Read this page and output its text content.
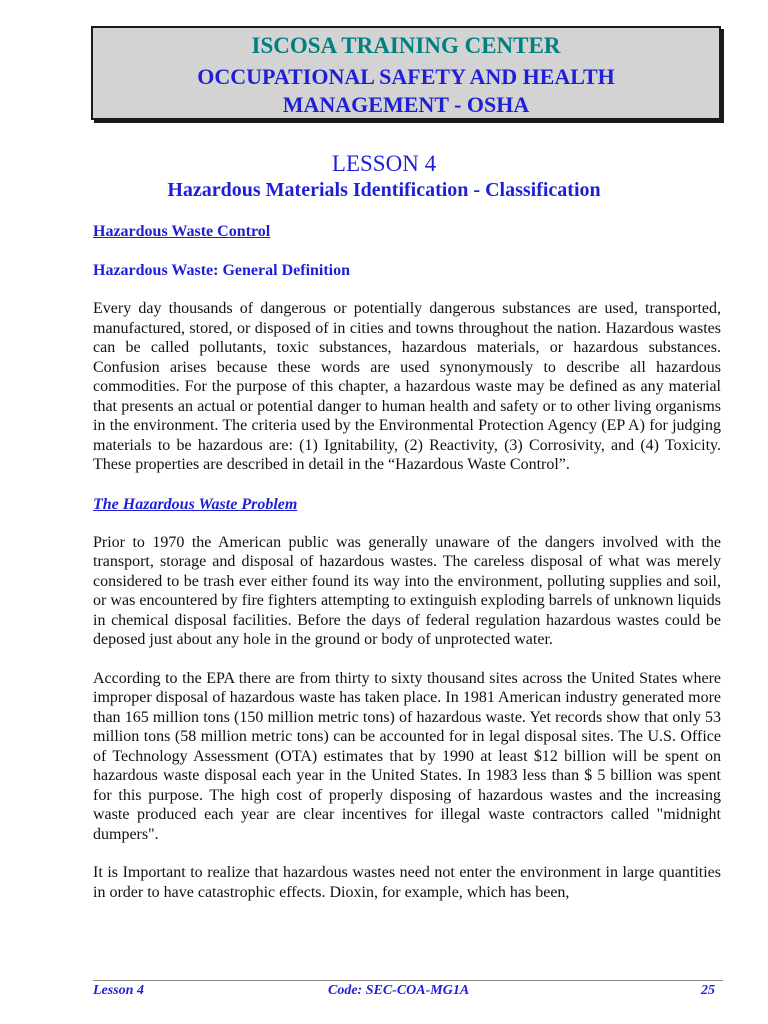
ISCOSA TRAINING CENTER
OCCUPATIONAL SAFETY AND HEALTH
MANAGEMENT - OSHA
LESSON 4
Hazardous Materials Identification - Classification
Hazardous Waste Control
Hazardous Waste: General Definition

Every day thousands of dangerous or potentially dangerous substances are used, transported, manufactured, stored, or disposed of in cities and towns throughout the nation. Hazardous wastes can be called pollutants, toxic substances, hazardous materials, or hazardous substances. Confusion arises because these words are used synonymously to describe all hazardous commodities. For the purpose of this chapter, a hazardous waste may be defined as any material that presents an actual or potential danger to human health and safety or to other living organisms in the environment. The criteria used by the Environmental Protection Agency (EP A) for judging materials to be hazardous are: (1) Ignitability, (2) Reactivity, (3) Corrosivity, and (4) Toxicity. These properties are described in detail in the “Hazardous Waste Control”.

The Hazardous Waste Problem

Prior to 1970 the American public was generally unaware of the dangers involved with the transport, storage and disposal of hazardous wastes. The careless disposal of what was merely considered to be trash ever either found its way into the environment, polluting supplies and soil, or was encountered by fire fighters attempting to extinguish exploding barrels of unknown liquids in chemical disposal facilities. Before the days of federal regulation hazardous wastes could be deposed just about any hole in the ground or body of unprotected water.

According to the EPA there are from thirty to sixty thousand sites across the United States where improper disposal of hazardous waste has taken place. In 1981 American industry generated more than 165 million tons (150 million metric tons) of hazardous waste. Yet records show that only 53 million tons (58 million metric tons) can be accounted for in legal disposal sites. The U.S. Office of Technology Assessment (OTA) estimates that by 1990 at least $12 billion will be spent on hazardous waste disposal each year in the United States. In 1983 less than $ 5 billion was spent for this purpose. The high cost of properly disposing of hazardous wastes and the increasing waste produced each year are clear incentives for illegal waste contractors called "midnight dumpers".

It is Important to realize that hazardous wastes need not enter the environment in large quantities in order to have catastrophic effects. Dioxin, for example, which has been,

Lesson 4	Code: SEC-COA-MG1A	25
